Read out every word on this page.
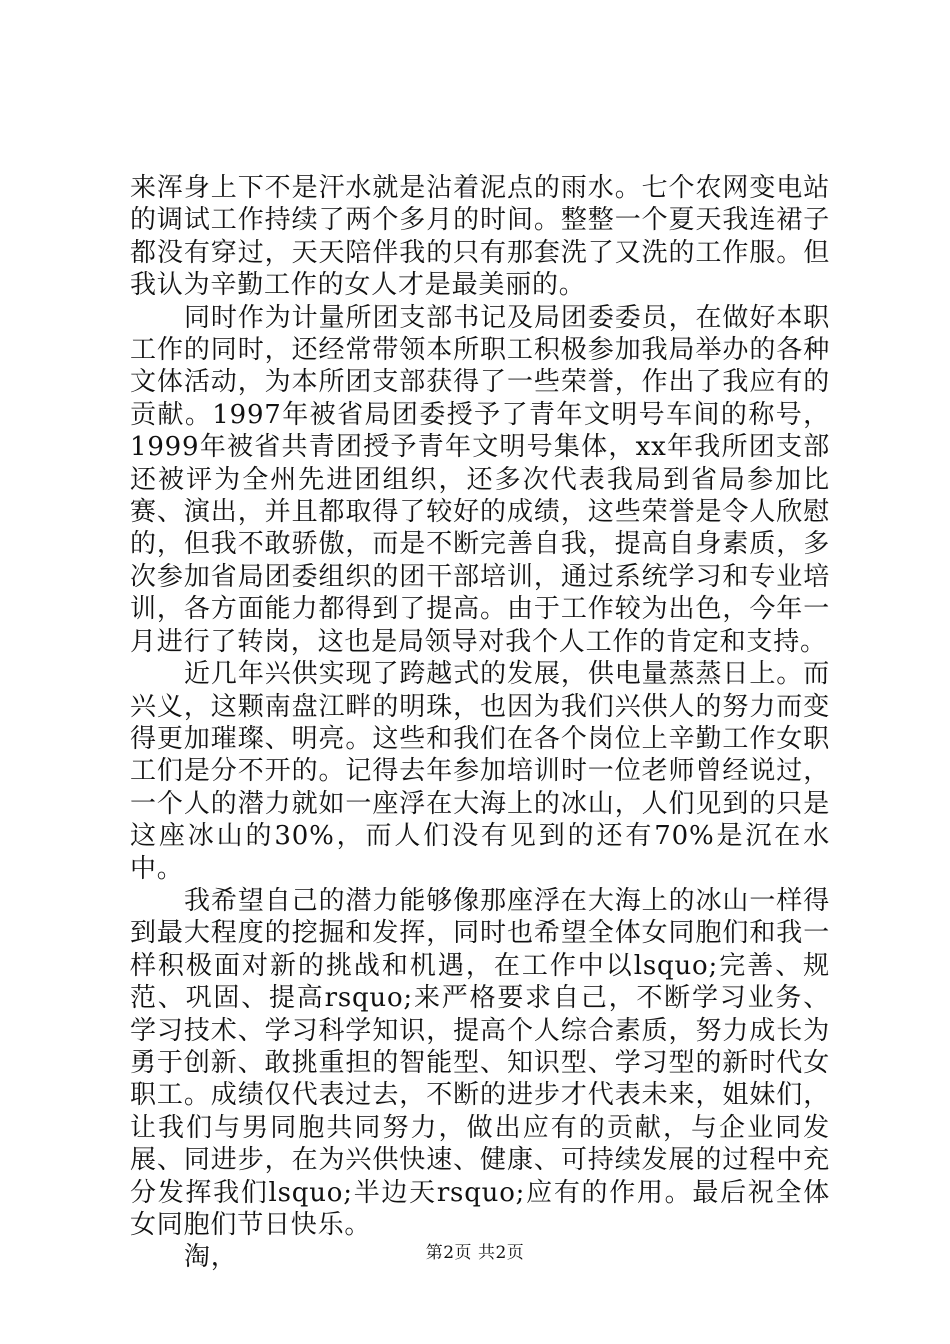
来浑身上下不是汗水就是沾着泥点的雨水。七个农网变电站的调试工作持续了两个多月的时间。整整一个夏天我连裙子都没有穿过，天天陪伴我的只有那套洗了又洗的工作服。但我认为辛勤工作的女人才是最美丽的。

同时作为计量所团支部书记及局团委委员，在做好本职工作的同时，还经常带领本所职工积极参加我局举办的各种文体活动，为本所团支部获得了一些荣誉，作出了我应有的贡献。1997年被省局团委授予了青年文明号车间的称号，1999年被省共青团授予青年文明号集体，xx年我所团支部还被评为全州先进团组织，还多次代表我局到省局参加比赛、演出，并且都取得了较好的成绩，这些荣誉是令人欣慰的，但我不敢骄傲，而是不断完善自我，提高自身素质，多次参加省局团委组织的团干部培训，通过系统学习和专业培训，各方面能力都得到了提高。由于工作较为出色，今年一月进行了转岗，这也是局领导对我个人工作的肯定和支持。

近几年兴供实现了跨越式的发展，供电量蒸蒸日上。而兴义，这颗南盘江畔的明珠，也因为我们兴供人的努力而变得更加璀璨、明亮。这些和我们在各个岗位上辛勤工作女职工们是分不开的。记得去年参加培训时一位老师曾经说过，一个人的潜力就如一座浮在大海上的冰山，人们见到的只是这座冰山的30%，而人们没有见到的还有70%是沉在水中。

我希望自己的潜力能够像那座浮在大海上的冰山一样得到最大程度的挖掘和发挥，同时也希望全体女同胞们和我一样积极面对新的挑战和机遇，在工作中以lsquo;完善、规范、巩固、提高rsquo;来严格要求自己，不断学习业务、学习技术、学习科学知识，提高个人综合素质，努力成长为勇于创新、敢挑重担的智能型、知识型、学习型的新时代女职工。成绩仅代表过去，不断的进步才代表未来，姐妹们，让我们与男同胞共同努力，做出应有的贡献，与企业同发展、同进步，在为兴供快速、健康、可持续发展的过程中充分发挥我们lsquo;半边天rsquo;应有的作用。最后祝全体女同胞们节日快乐。

淘，	第2页 共2页
